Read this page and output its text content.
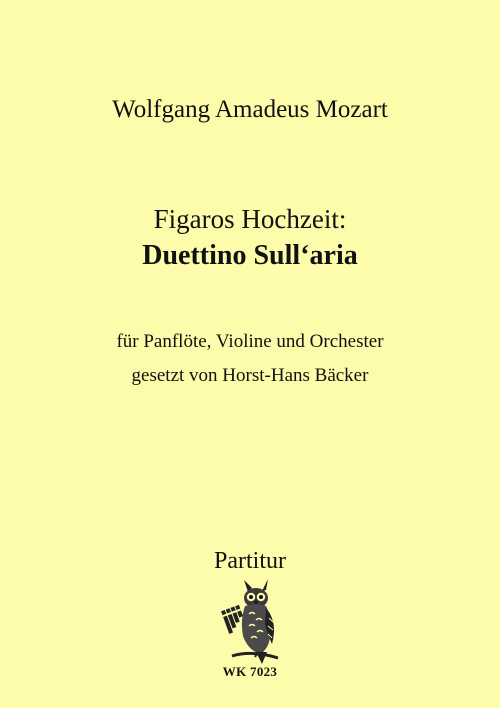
Wolfgang Amadeus Mozart
Figaros Hochzeit:
Duettino Sull‘aria
für Panflöte, Violine und Orchester
gesetzt von Horst-Hans Bäcker
Partitur
WK 7023
